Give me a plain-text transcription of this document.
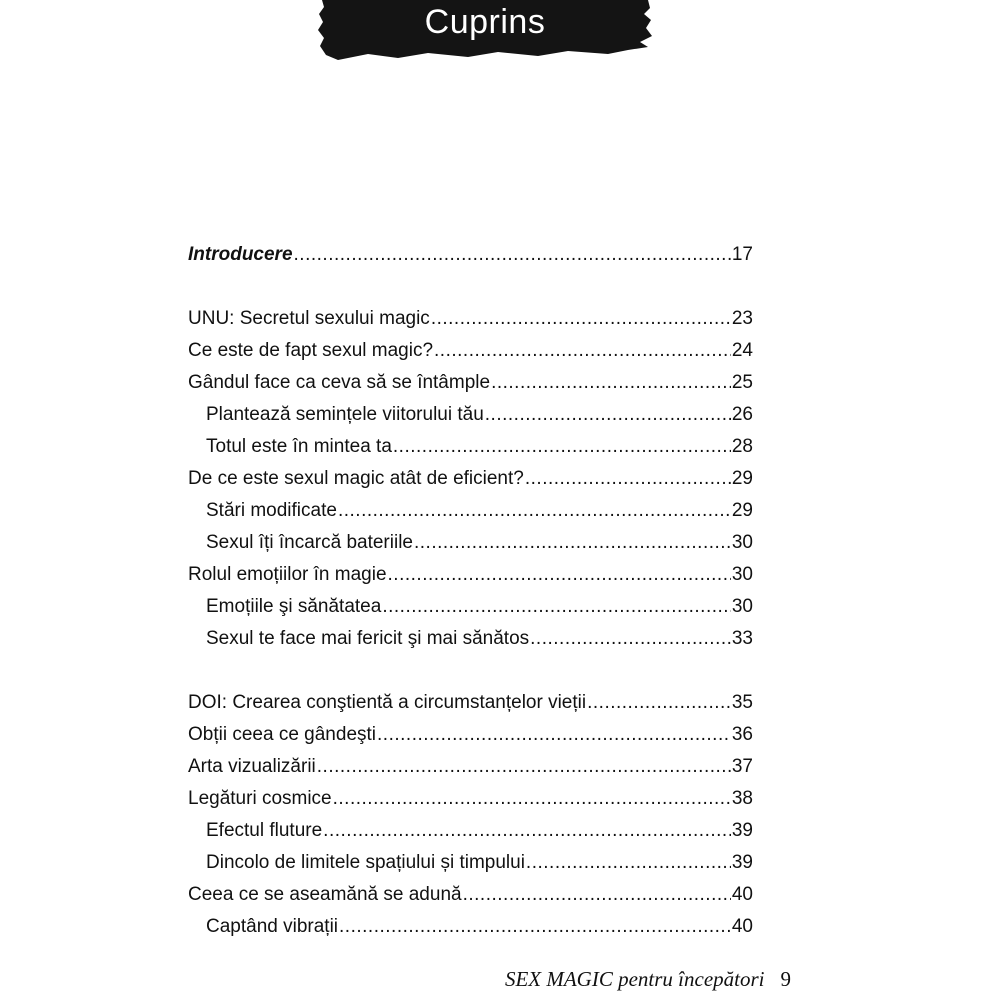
Cuprins
Introducere .....	17
UNU: Secretul sexului magic .....	23
Ce este de fapt sexul magic? .....	24
Gândul face ca ceva să se întâmple .....	25
Plantează semințele viitorului tău .....	26
Totul este în mintea ta .....	28
De ce este sexul magic atât de eficient? .....	29
Stări modificate .....	29
Sexul îți încarcă bateriile .....	30
Rolul emoțiilor în magie .....	30
Emoțiile şi sănătatea .....	30
Sexul te face mai fericit şi mai sănătos .....	33
DOI: Crearea conştientă a circumstanțelor vieții .....	35
Obții ceea ce gândeşti .....	36
Arta vizualizării .....	37
Legături cosmice .....	38
Efectul fluture .....	39
Dincolo de limitele spațiului și timpului .....	39
Ceea ce se aseamănă se adună .....	40
Captând vibrații .....	40
SEX MAGIC pentru începători 9
